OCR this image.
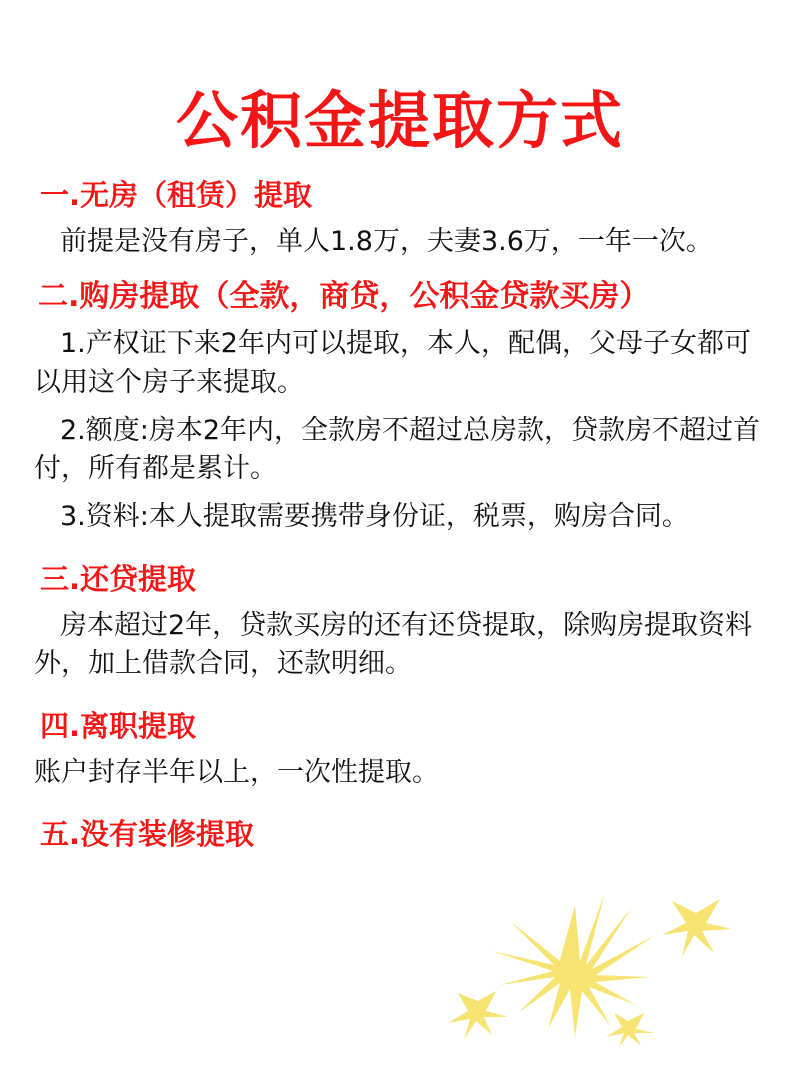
公积金提取方式

一.无房（租赁）提取

前提是没有房子，单人1.8万，夫妻3.6万，一年一次。

二.购房提取（全款，商贷，公积金贷款买房）

1.产权证下来2年内可以提取，本人，配偶，父母子女都可以用这个房子来提取。

2.额度:房本2年内，全款房不超过总房款，贷款房不超过首付，所有都是累计。

3.资料:本人提取需要携带身份证，税票，购房合同。

三.还贷提取

房本超过2年，贷款买房的还有还贷提取，除购房提取资料外，加上借款合同，还款明细。

四.离职提取

账户封存半年以上，一次性提取。

五.没有装修提取
